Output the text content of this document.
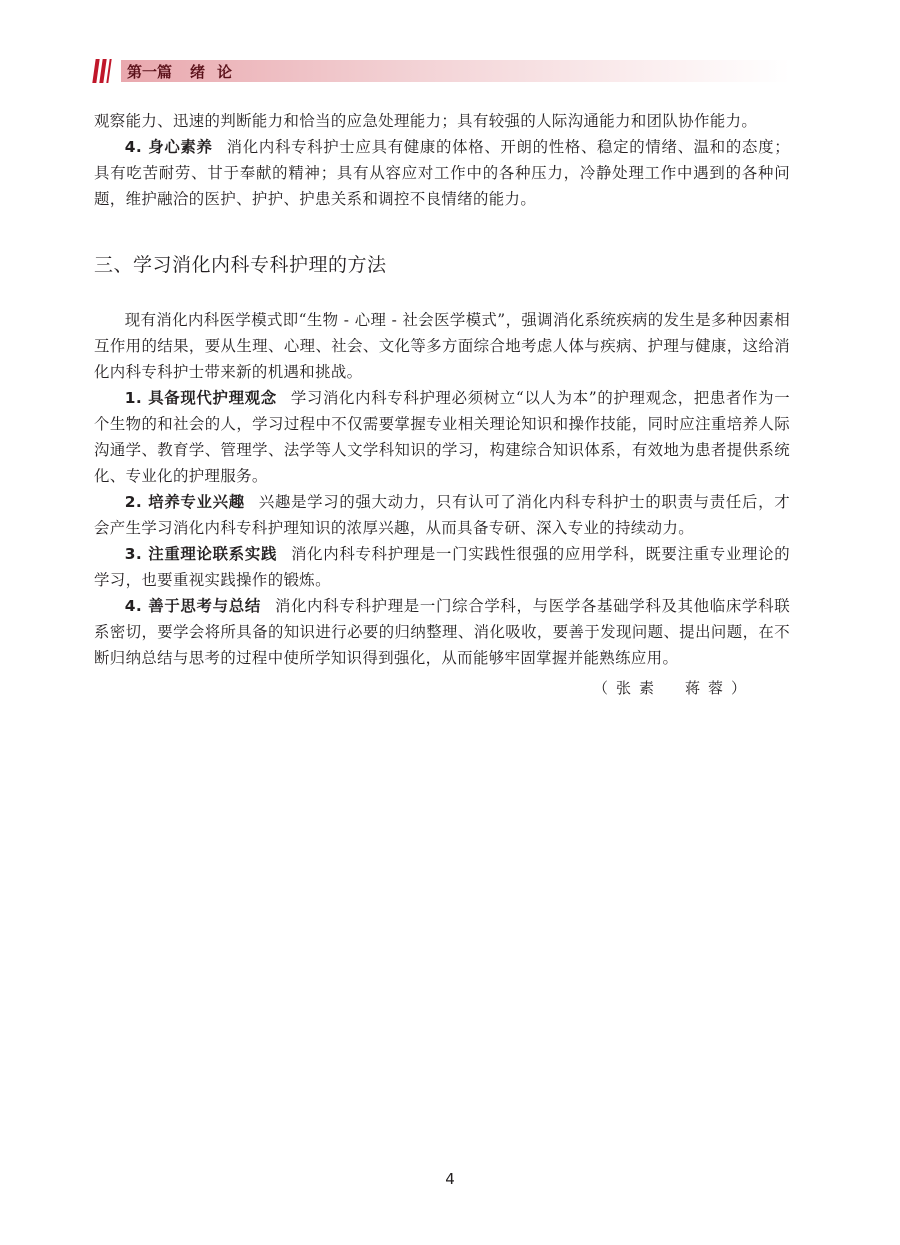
第一篇 绪论

观察能力、迅速的判断能力和恰当的应急处理能力；具有较强的人际沟通能力和团队协作能力。

4. 身心素养 消化内科专科护士应具有健康的体格、开朗的性格、稳定的情绪、温和的态度；具有吃苦耐劳、甘于奉献的精神；具有从容应对工作中的各种压力，冷静处理工作中遇到的各种问题，维护融洽的医护、护护、护患关系和调控不良情绪的能力。

三、学习消化内科专科护理的方法

现有消化内科医学模式即“生物 - 心理 - 社会医学模式”，强调消化系统疾病的发生是多种因素相互作用的结果，要从生理、心理、社会、文化等多方面综合地考虑人体与疾病、护理与健康，这给消化内科专科护士带来新的机遇和挑战。

1. 具备现代护理观念 学习消化内科专科护理必须树立“以人为本”的护理观念，把患者作为一个生物的和社会的人，学习过程中不仅需要掌握专业相关理论知识和操作技能，同时应注重培养人际沟通学、教育学、管理学、法学等人文学科知识的学习，构建综合知识体系，有效地为患者提供系统化、专业化的护理服务。

2. 培养专业兴趣 兴趣是学习的强大动力，只有认可了消化内科专科护士的职责与责任后，才会产生学习消化内科专科护理知识的浓厚兴趣，从而具备专研、深入专业的持续动力。

3. 注重理论联系实践 消化内科专科护理是一门实践性很强的应用学科，既要注重专业理论的学习，也要重视实践操作的锻炼。

4. 善于思考与总结 消化内科专科护理是一门综合学科，与医学各基础学科及其他临床学科联系密切，要学会将所具备的知识进行必要的归纳整理、消化吸收，要善于发现问题、提出问题，在不断归纳总结与思考的过程中使所学知识得到强化，从而能够牢固掌握并能熟练应用。

（张素　蒋蓉）
4
